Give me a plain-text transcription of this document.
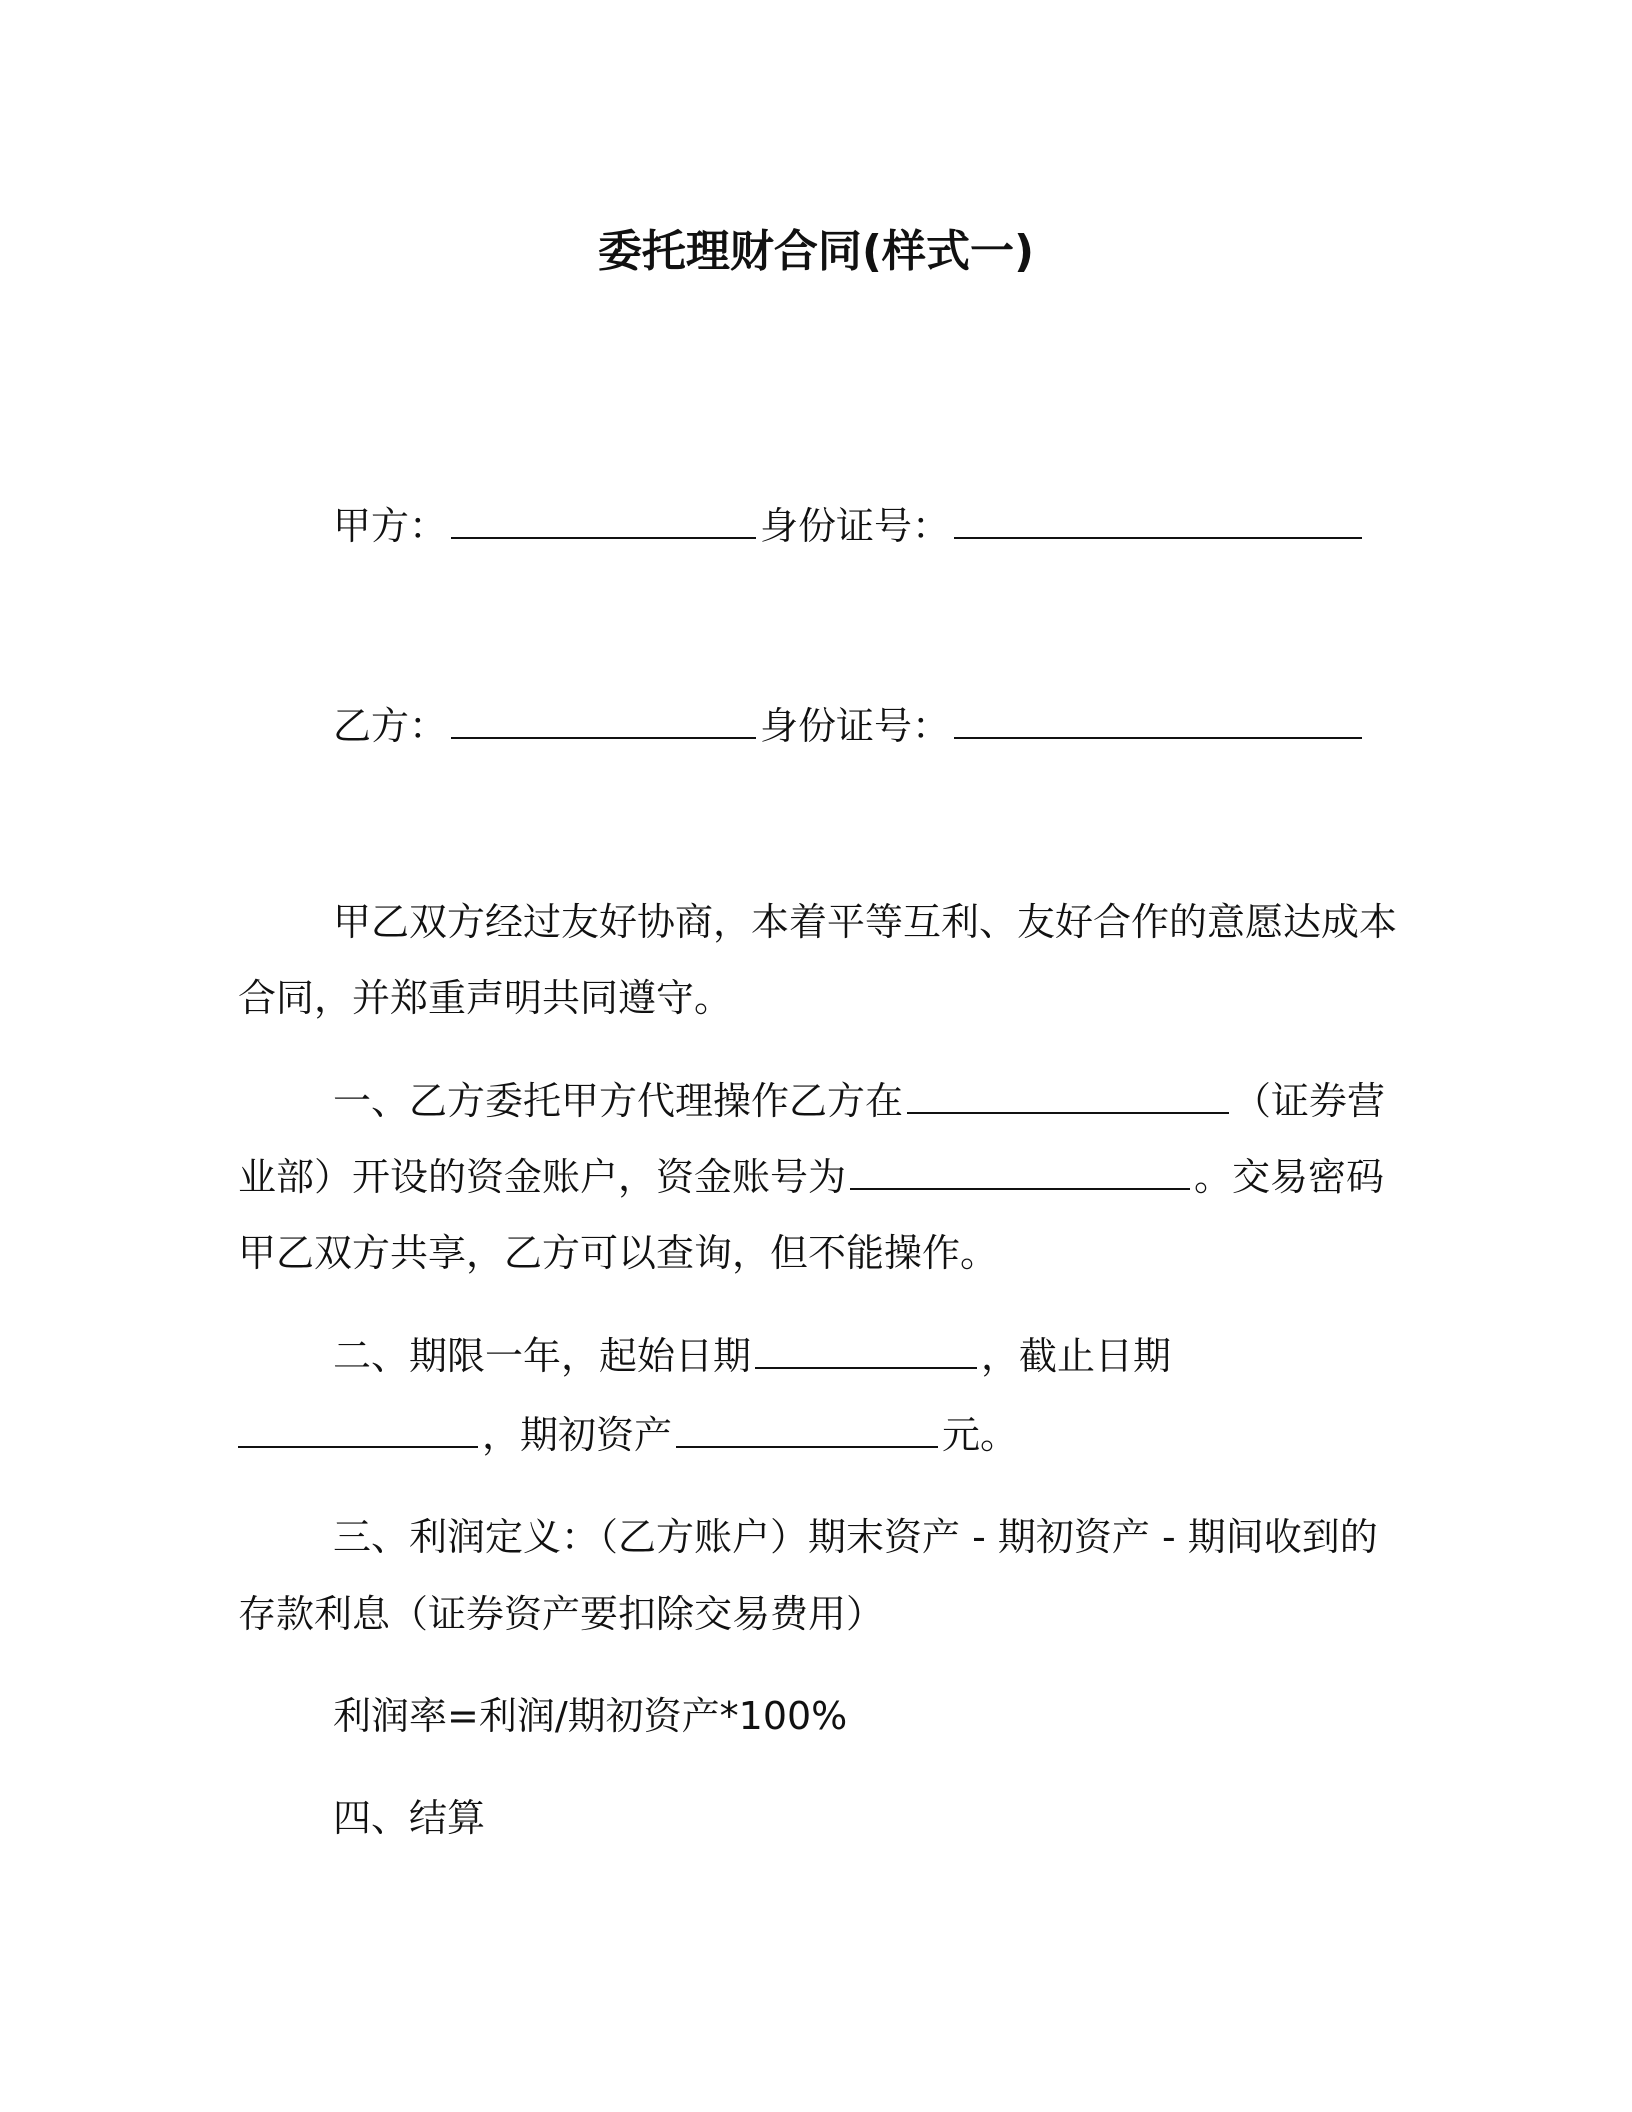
委托理财合同(样式一)
甲方：	身份证号：
乙方：	身份证号：
甲乙双方经过友好协商，本着平等互利、友好合作的意愿达成本
合同，并郑重声明共同遵守。
一、乙方委托甲方代理操作乙方在	（证券营
业部）开设的资金账户，资金账号为	。交易密码
甲乙双方共享，乙方可以查询，但不能操作。
二、期限一年，起始日期	，截止日期
，期初资产	元。
三、利润定义：（乙方账户）期末资产 - 期初资产 - 期间收到的
存款利息（证券资产要扣除交易费用）
利润率=利润/期初资产*100%
四、结算
